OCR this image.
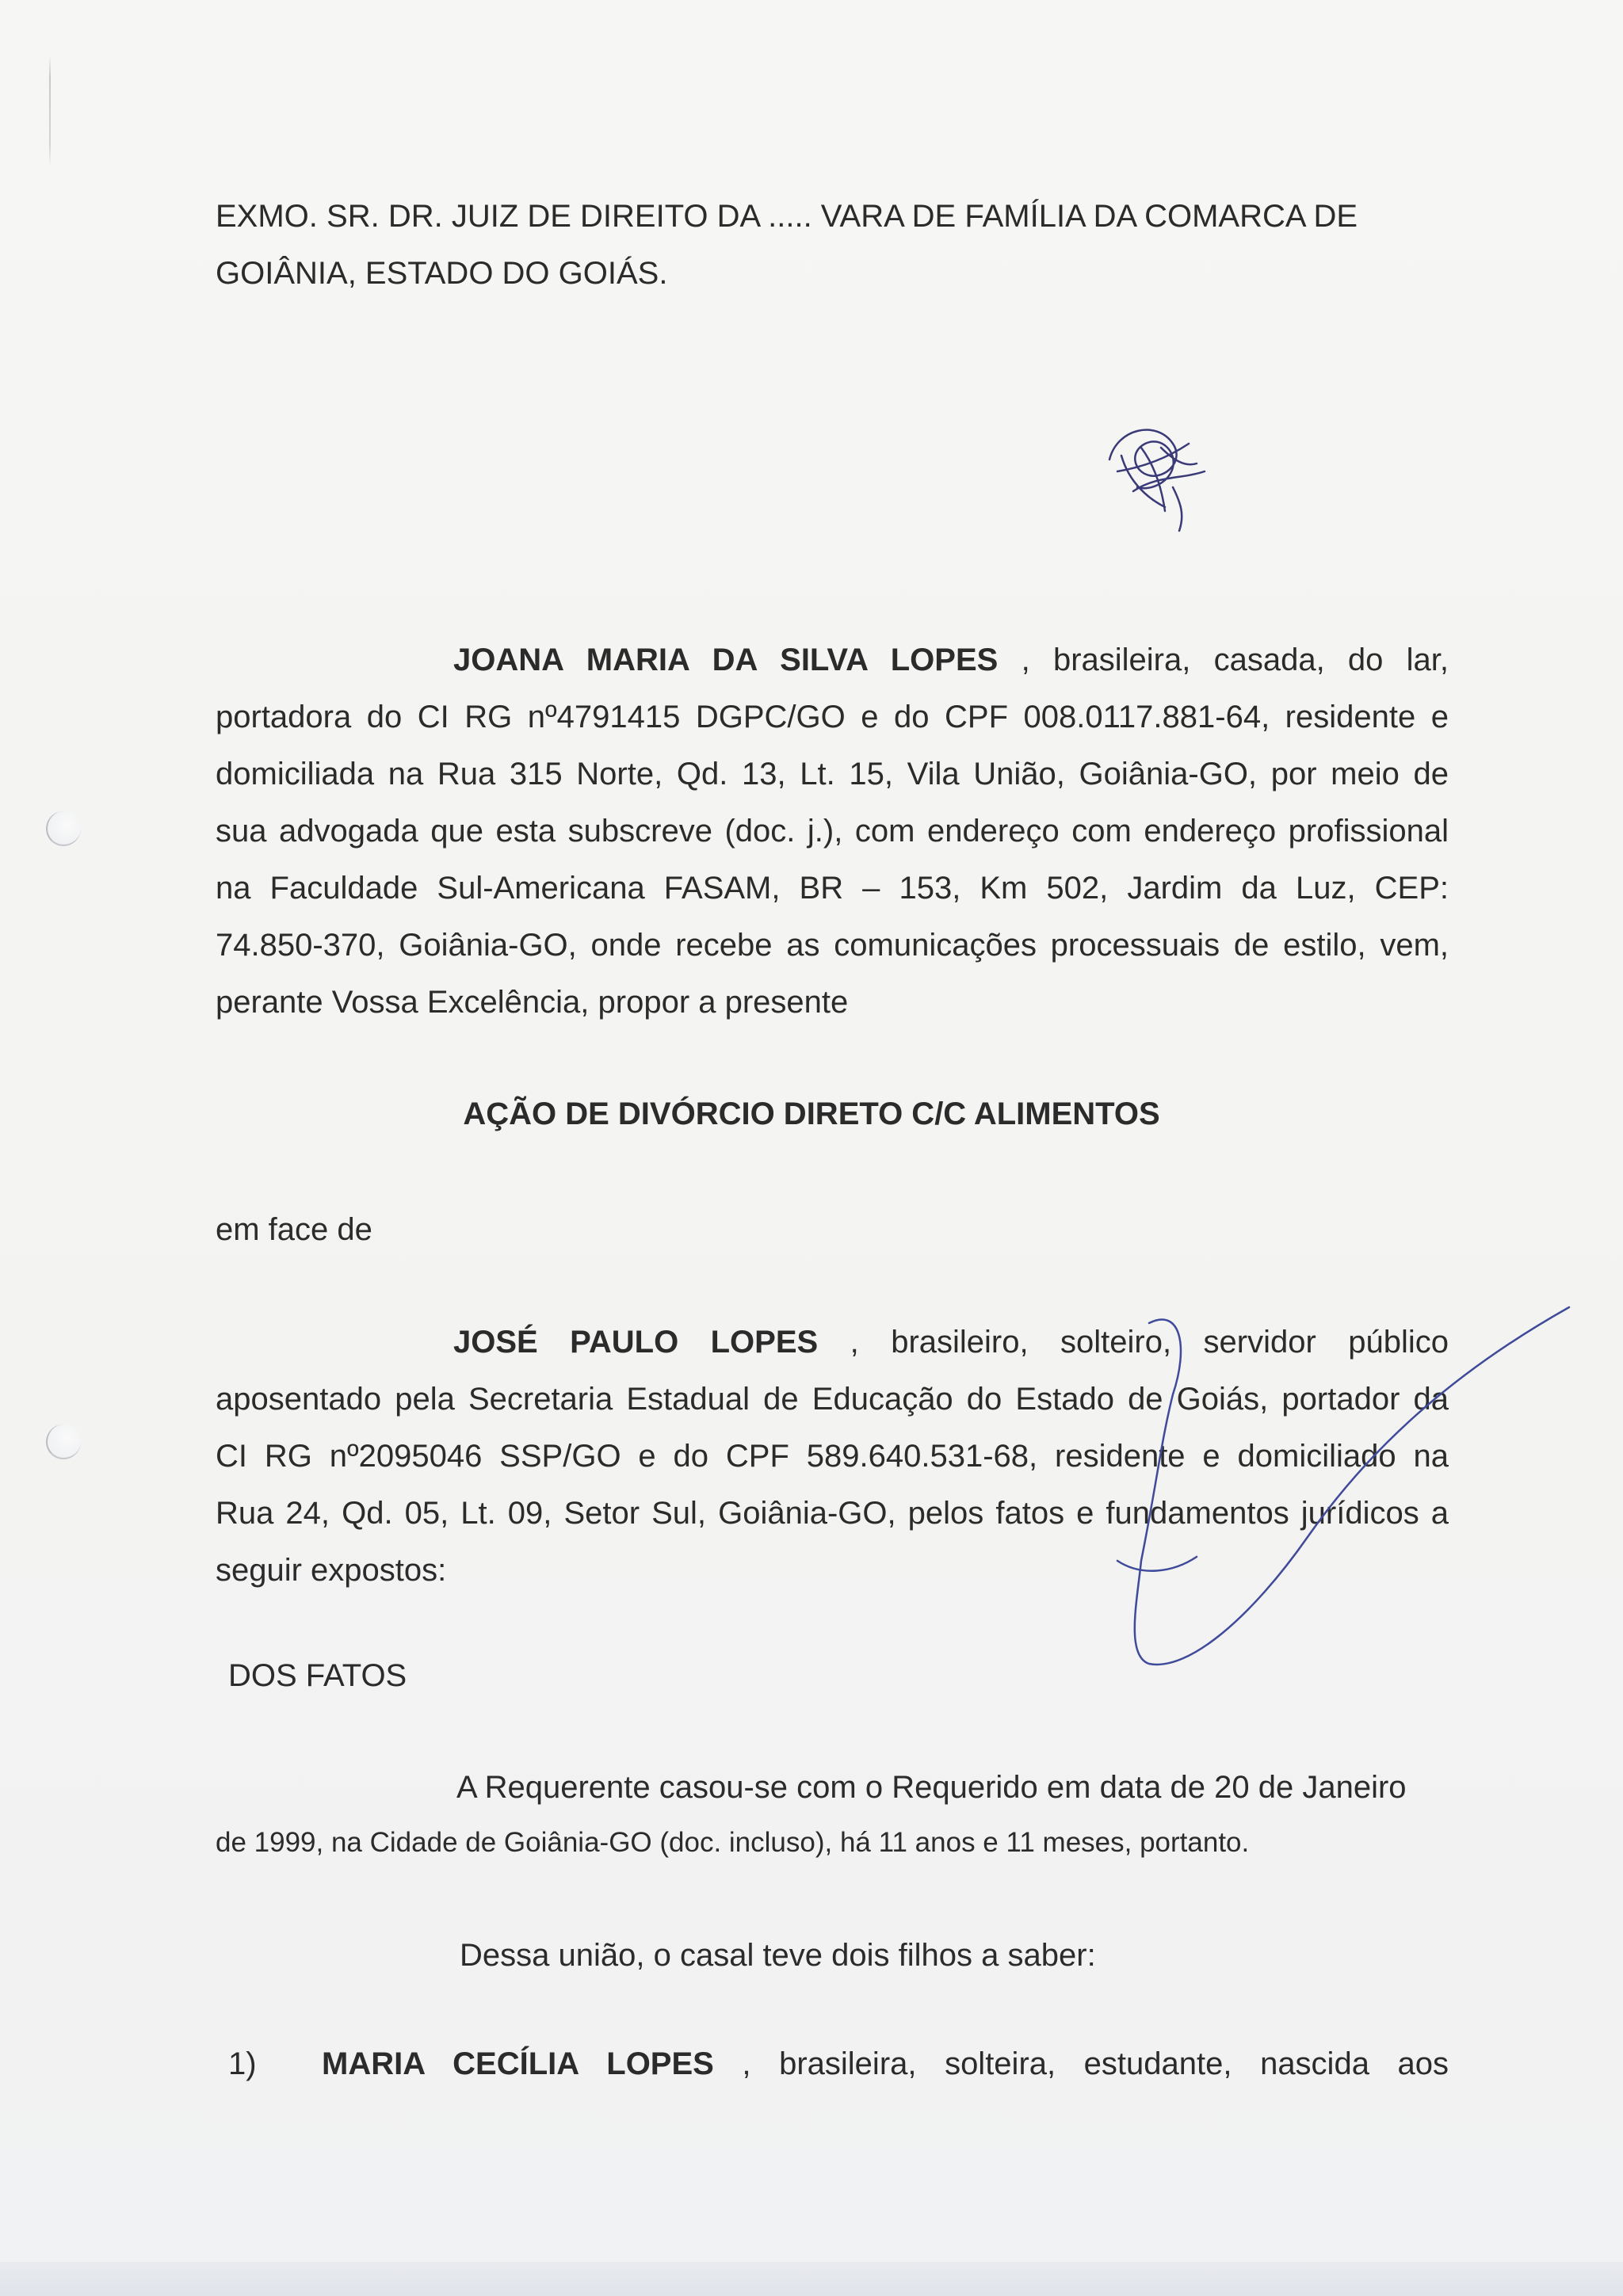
EXMO. SR. DR. JUIZ DE DIREITO DA ..... VARA DE FAMÍLIA DA COMARCA DE
GOIÂNIA, ESTADO DO GOIÁS.
JOANA MARIA DA SILVA LOPES , brasileira, casada, do lar,
portadora do CI RG nº4791415 DGPC/GO e do CPF 008.0117.881-64, residente e
domiciliada na Rua 315 Norte, Qd. 13, Lt. 15, Vila União, Goiânia-GO, por meio de
sua advogada que esta subscreve (doc. j.), com endereço com endereço profissional
na Faculdade Sul-Americana FASAM, BR – 153, Km 502, Jardim da Luz, CEP:
74.850-370, Goiânia-GO, onde recebe as comunicações processuais de estilo, vem,
perante Vossa Excelência, propor a presente
AÇÃO DE DIVÓRCIO DIRETO C/C ALIMENTOS
em face de
JOSÉ PAULO LOPES , brasileiro, solteiro, servidor público
aposentado pela Secretaria Estadual de Educação do Estado de Goiás, portador da
CI RG nº2095046 SSP/GO e do CPF 589.640.531-68, residente e domiciliado na
Rua 24, Qd. 05, Lt. 09, Setor Sul, Goiânia-GO, pelos fatos e fundamentos jurídicos a
seguir expostos:
DOS FATOS
A Requerente casou-se com o Requerido em data de 20 de Janeiro
de 1999, na Cidade de Goiânia-GO (doc. incluso), há 11 anos e 11 meses, portanto.
Dessa união, o casal teve dois filhos a saber:
1) MARIA CECÍLIA LOPES , brasileira, solteira, estudante, nascida aos
